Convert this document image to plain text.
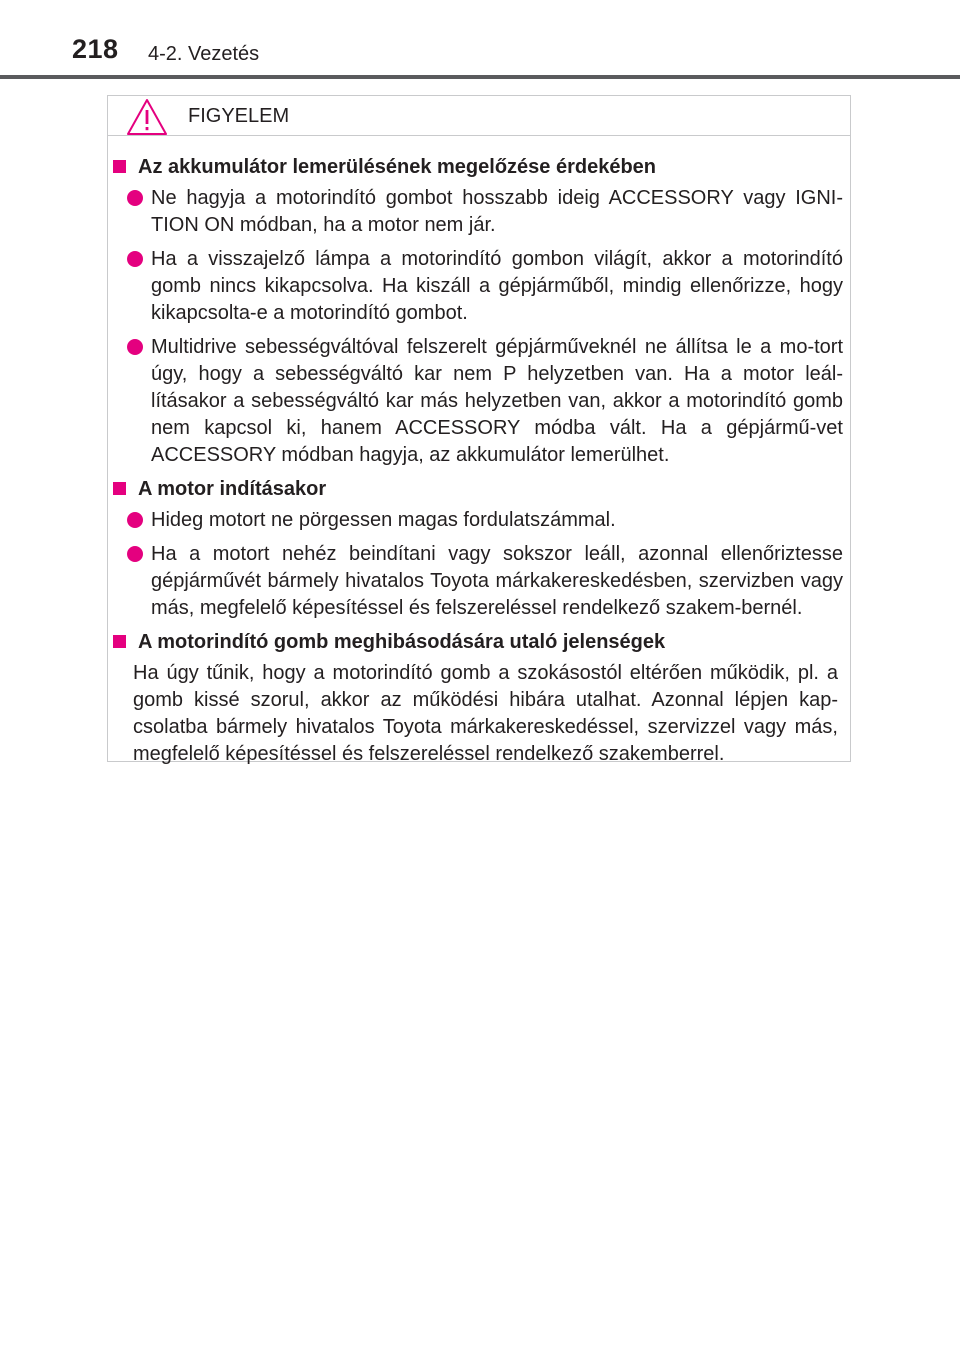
218 4-2. Vezetés
FIGYELEM
Az akkumulátor lemerülésének megelőzése érdekében
Ne hagyja a motorindító gombot hosszabb ideig ACCESSORY vagy IGNI-TION ON módban, ha a motor nem jár.
Ha a visszajelző lámpa a motorindító gombon világít, akkor a motorindító gomb nincs kikapcsolva. Ha kiszáll a gépjárműből, mindig ellenőrizze, hogy kikapcsolta-e a motorindító gombot.
Multidrive sebességváltóval felszerelt gépjárműveknél ne állítsa le a mo-tort úgy, hogy a sebességváltó kar nem P helyzetben van. Ha a motor leál-lításakor a sebességváltó kar más helyzetben van, akkor a motorindító gomb nem kapcsol ki, hanem ACCESSORY módba vált. Ha a gépjármű-vet ACCESSORY módban hagyja, az akkumulátor lemerülhet.
A motor indításakor
Hideg motort ne pörgessen magas fordulatszámmal.
Ha a motort nehéz beindítani vagy sokszor leáll, azonnal ellenőriztesse gépjárművét bármely hivatalos Toyota márkakereskedésben, szervizben vagy más, megfelelő képesítéssel és felszereléssel rendelkező szakem-bernél.
A motorindító gomb meghibásodására utaló jelenségek
Ha úgy tűnik, hogy a motorindító gomb a szokásostól eltérően működik, pl. a gomb kissé szorul, akkor az működési hibára utalhat. Azonnal lépjen kap-csolatba bármely hivatalos Toyota márkakereskedéssel, szervizzel vagy más, megfelelő képesítéssel és felszereléssel rendelkező szakemberrel.
